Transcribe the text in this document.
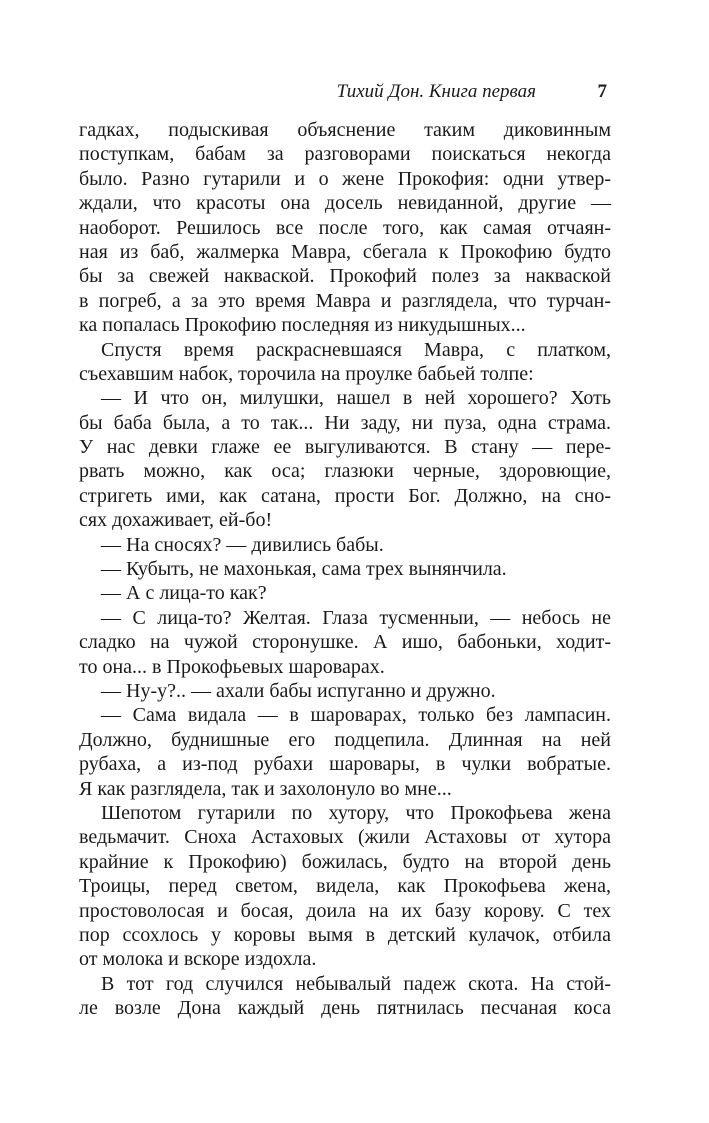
Тихий Дон. Книга первая	7
гадках, подыскивая объяснение таким диковинным
поступкам, бабам за разговорами поискаться некогда
было. Разно гутарили и о жене Прокофия: одни утвер-
ждали, что красоты она досель невиданной, другие —
наоборот. Решилось все после того, как самая отчаян-
ная из баб, жалмерка Мавра, сбегала к Прокофию будто
бы за свежей накваской. Прокофий полез за накваской
в погреб, а за это время Мавра и разглядела, что турчан-
ка попалась Прокофию последняя из никудышных...
Спустя время раскрасневшаяся Мавра, с платком,
съехавшим набок, торочила на проулке бабьей толпе:
— И что он, милушки, нашел в ней хорошего? Хоть
бы баба была, а то так... Ни заду, ни пуза, одна страма.
У нас девки глаже ее выгуливаются. В стану — пере-
рвать можно, как оса; глазюки черные, здоровющие,
стригеть ими, как сатана, прости Бог. Должно, на сно-
сях дохаживает, ей-бо!
— На сносях? — дивились бабы.
— Кубыть, не махонькая, сама трех вынянчила.
— А с лица-то как?
— С лица-то? Желтая. Глаза тусменныи, — небось не
сладко на чужой сторонушке. А ишо, бабоньки, ходит-
то она... в Прокофьевых шароварах.
— Ну-у?.. — ахали бабы испуганно и дружно.
— Сама видала — в шароварах, только без лампасин.
Должно, буднишные его подцепила. Длинная на ней
рубаха, а из-под рубахи шаровары, в чулки вобратые.
Я как разглядела, так и захолонуло во мне...
Шепотом гутарили по хутору, что Прокофьева жена
ведьмачит. Сноха Астаховых (жили Астаховы от хутора
крайние к Прокофию) божилась, будто на второй день
Троицы, перед светом, видела, как Прокофьева жена,
простоволосая и босая, доила на их базу корову. С тех
пор ссохлось у коровы вымя в детский кулачок, отбила
от молока и вскоре издохла.
В тот год случился небывалый падеж скота. На стой-
ле возле Дона каждый день пятнилась песчаная коса
